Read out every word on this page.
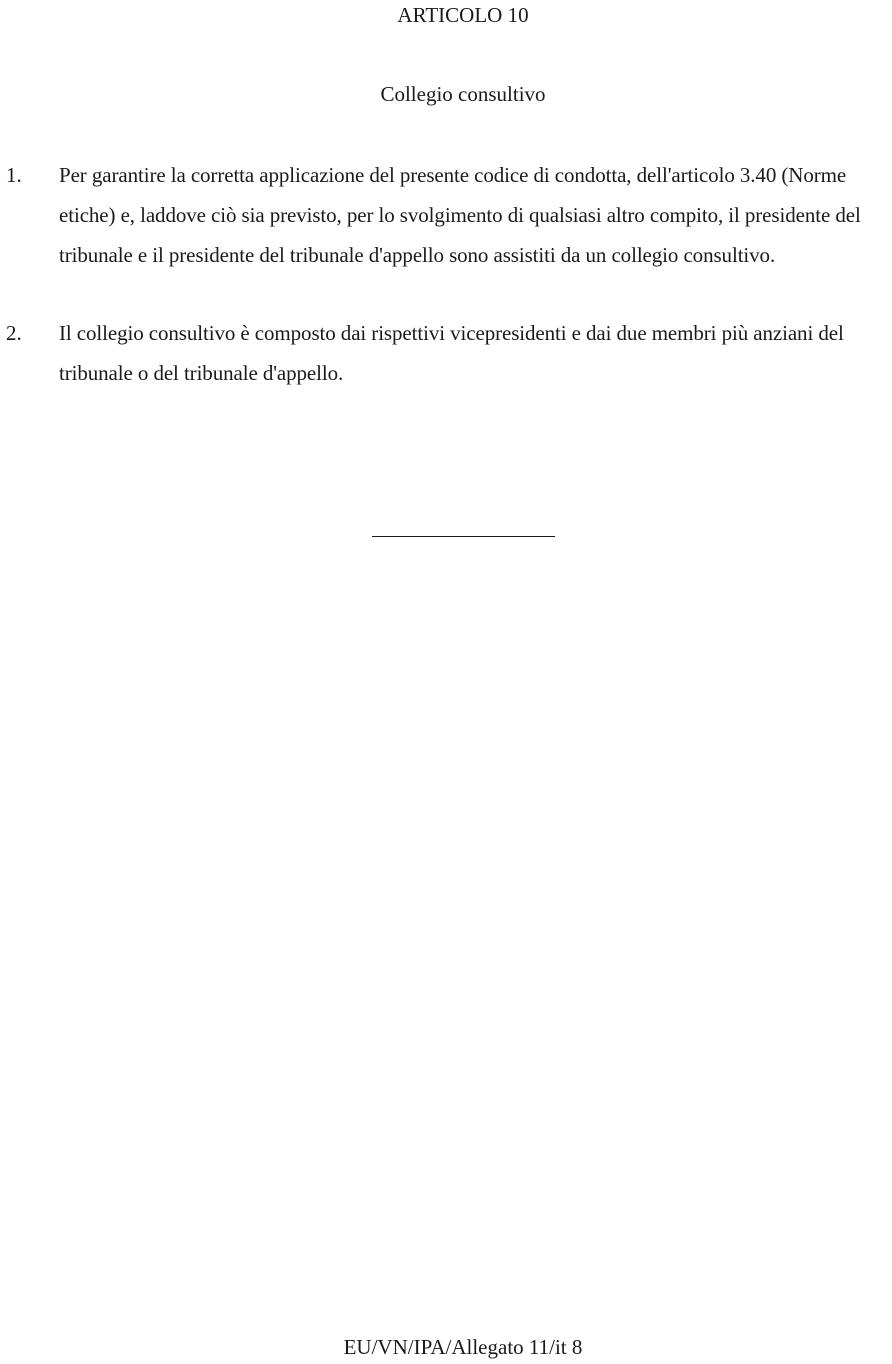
ARTICOLO 10
Collegio consultivo
1. Per garantire la corretta applicazione del presente codice di condotta, dell'articolo 3.40 (Norme etiche) e, laddove ciò sia previsto, per lo svolgimento di qualsiasi altro compito, il presidente del tribunale e il presidente del tribunale d'appello sono assistiti da un collegio consultivo.

2. Il collegio consultivo è composto dai rispettivi vicepresidenti e dai due membri più anziani del tribunale o del tribunale d'appello.

EU/VN/IPA/Allegato 11/it 8
